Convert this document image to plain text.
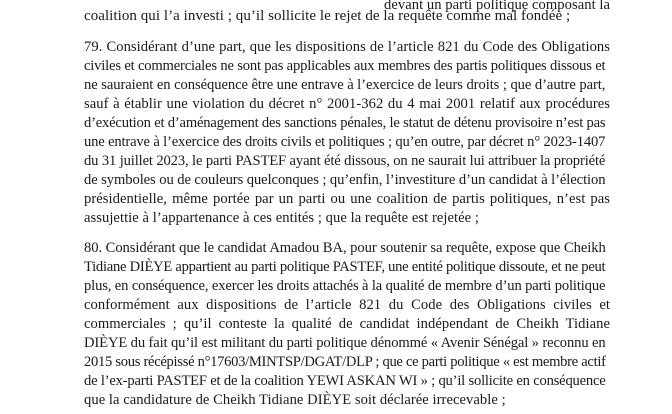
devant un parti politique composant la
coalition qui l’a investi ; qu’il sollicite le rejet de la requête comme mal fondée ;
79. Considérant d’une part, que les dispositions de l’article 821 du Code des Obligations
civiles et commerciales ne sont pas applicables aux membres des partis politiques dissous et
ne sauraient en conséquence être une entrave à l’exercice de leurs droits ; que d’autre part,
sauf à établir une violation du décret n° 2001-362 du 4 mai 2001 relatif aux procédures
d’exécution et d’aménagement des sanctions pénales, le statut de détenu provisoire n’est pas
une entrave à l’exercice des droits civils et politiques ; qu’en outre, par décret n° 2023-1407
du 31 juillet 2023, le parti PASTEF ayant été dissous, on ne saurait lui attribuer la propriété
de symboles ou de couleurs quelconques ; qu’enfin, l’investiture d’un candidat à l’élection
présidentielle, même portée par un parti ou une coalition de partis politiques, n’est pas
assujettie à l’appartenance à ces entités ; que la requête est rejetée ;
80. Considérant que le candidat Amadou BA, pour soutenir sa requête, expose que Cheikh
Tidiane DIÈYE appartient au parti politique PASTEF, une entité politique dissoute, et ne peut
plus, en conséquence, exercer les droits attachés à la qualité de membre d’un parti politique
conformément aux dispositions de l’article 821 du Code des Obligations civiles et
commerciales ; qu’il conteste la qualité de candidat indépendant de Cheikh Tidiane
DIÈYE du fait qu’il est militant du parti politique dénommé « Avenir Sénégal » reconnu en
2015 sous récépissé n°17603/MINTSP/DGAT/DLP ; que ce parti politique « est membre actif
de l’ex-parti PASTEF et de la coalition YEWI ASKAN WI » ; qu’il sollicite en conséquence
que la candidature de Cheikh Tidiane DIÈYE soit déclarée irrecevable ;
